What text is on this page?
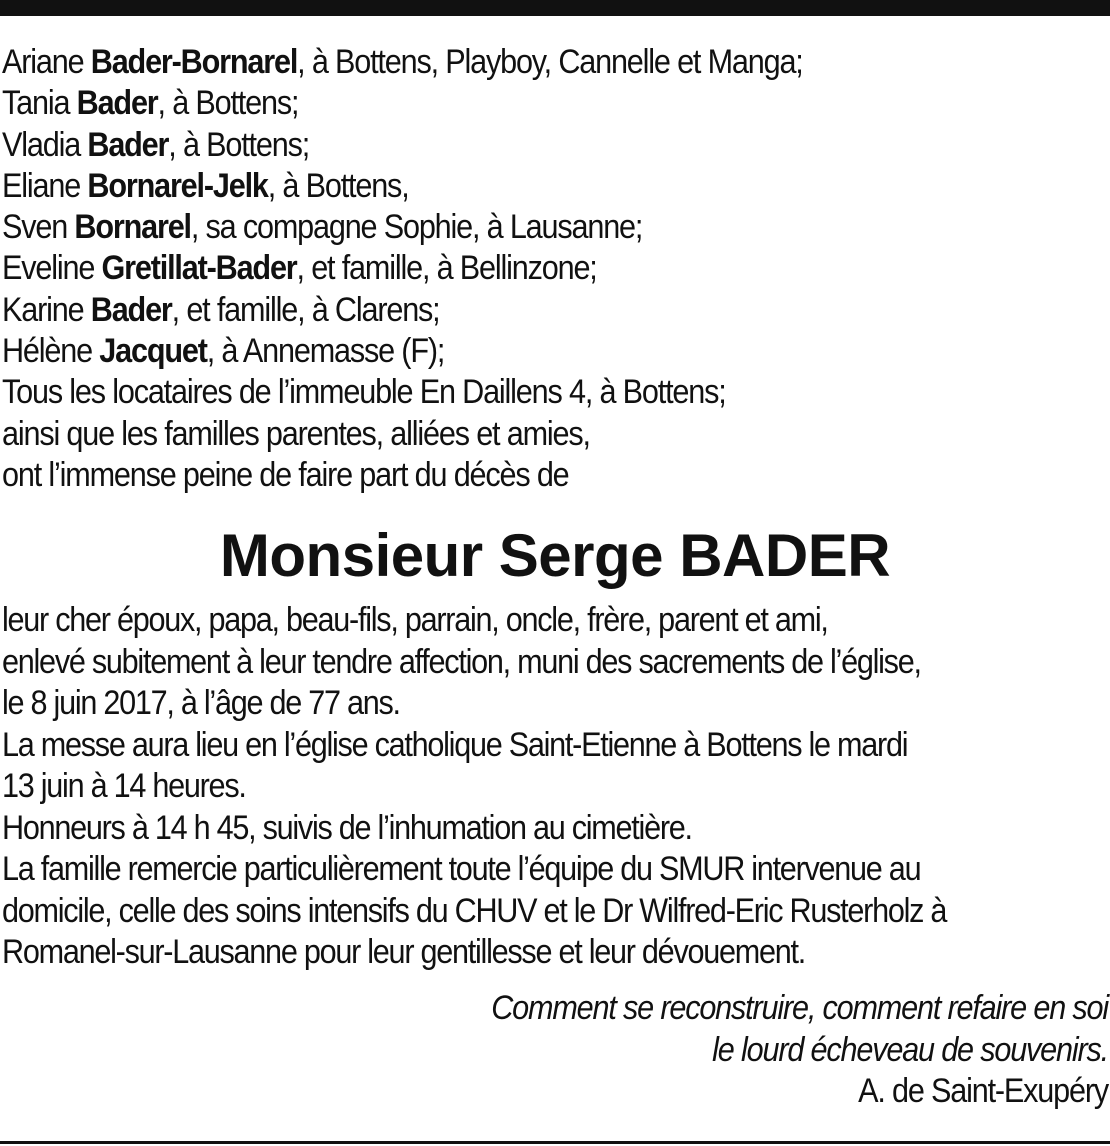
Ariane Bader-Bornarel, à Bottens, Playboy, Cannelle et Manga;
Tania Bader, à Bottens;
Vladia Bader, à Bottens;
Eliane Bornarel-Jelk, à Bottens,
Sven Bornarel, sa compagne Sophie, à Lausanne;
Eveline Gretillat-Bader, et famille, à Bellinzone;
Karine Bader, et famille, à Clarens;
Hélène Jacquet, à Annemasse (F);
Tous les locataires de l’immeuble En Daillens 4, à Bottens;
ainsi que les familles parentes, alliées et amies,
ont l’immense peine de faire part du décès de
Monsieur Serge BADER
leur cher époux, papa, beau-fils, parrain, oncle, frère, parent et ami,
enlevé subitement à leur tendre affection, muni des sacrements de l’église,
le 8 juin 2017, à l’âge de 77 ans.
La messe aura lieu en l’église catholique Saint-Etienne à Bottens le mardi
13 juin à 14 heures.
Honneurs à 14 h 45, suivis de l’inhumation au cimetière.
La famille remercie particulièrement toute l’équipe du SMUR intervenue au
domicile, celle des soins intensifs du CHUV et le Dr Wilfred-Eric Rusterholz à
Romanel-sur-Lausanne pour leur gentillesse et leur dévouement.
Comment se reconstruire, comment refaire en soi
le lourd écheveau de souvenirs.
A. de Saint-Exupéry
